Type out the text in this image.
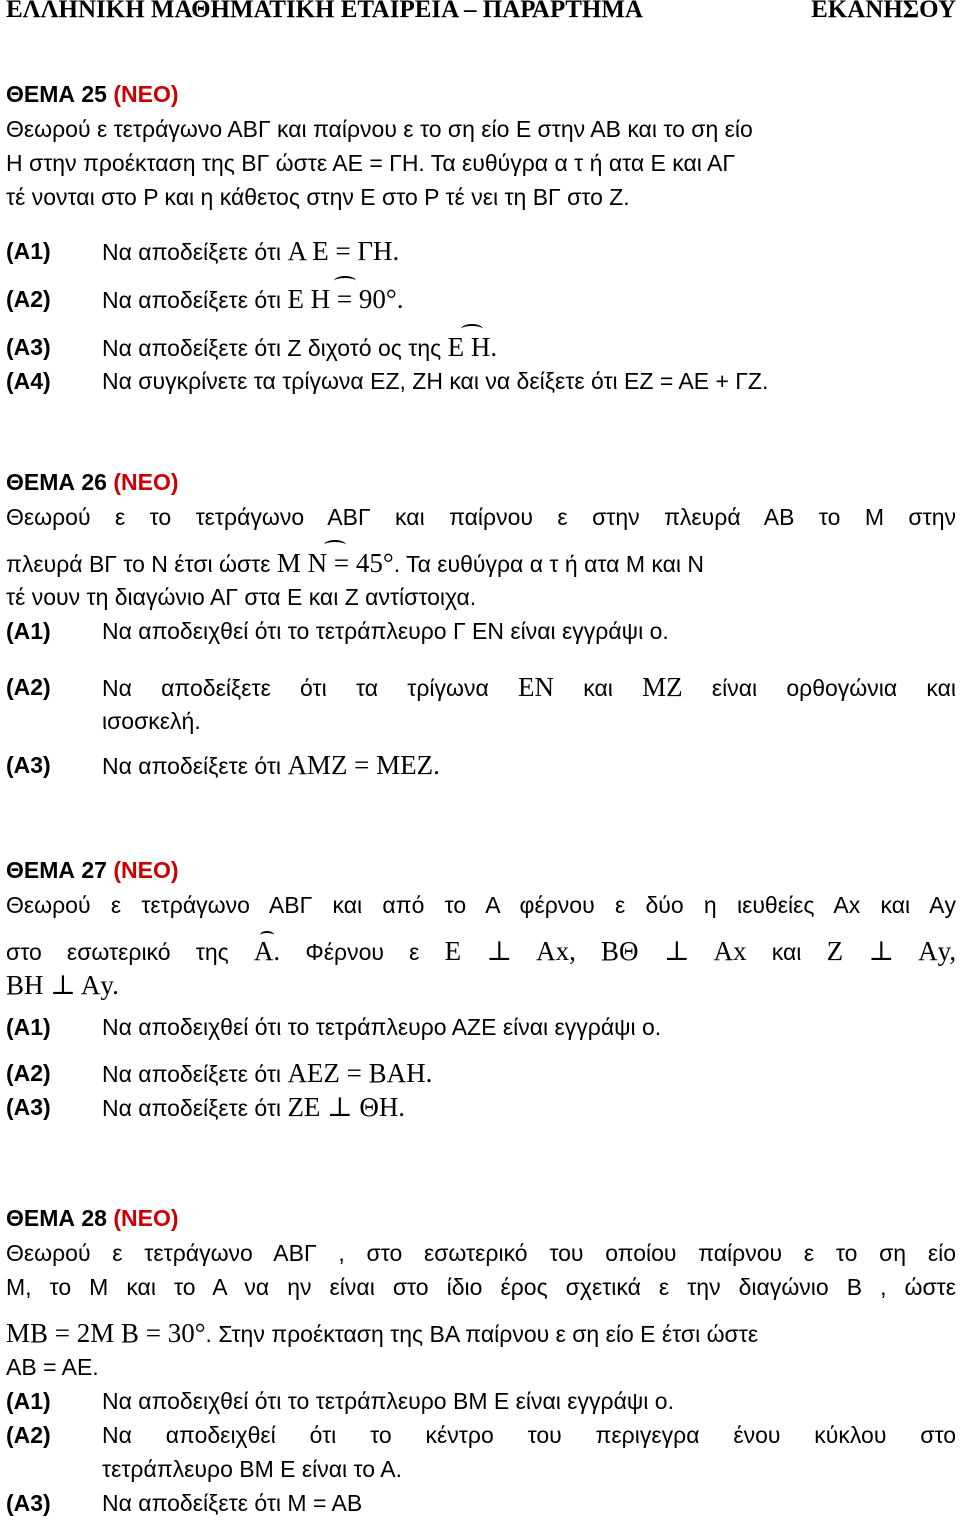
ΕΛΛΗΝΙΚΗ ΜΑΘΗΜΑΤΙΚΗ ΕΤΑΙΡΕΙΑ – ΠΑΡΑΡΤΗΜΑ	ΕΚΑΝΗΣΟΥ
ΘΕΜΑ 25 (ΝΕΟ)
Θεωρού ε τετράγωνο ΑΒΓ και παίρνου ε το ση είο Ε στην ΑΒ και το ση είο
Η στην προέκταση της ΒΓ ώστε ΑΕ = ΓΗ. Τα ευθύγρα α τ ή ατα Ε και ΑΓ
τέ νονται στο Ρ και η κάθετος στην Ε στο Ρ τέ νει τη ΒΓ στο Ζ.
(Α1) Να αποδείξετε ότι Α Ε = ΓΗ.
(Α2) Να αποδείξετε ότι Ε Η = 90°.
(Α3) Να αποδείξετε ότι Ζ διχοτό ος της Ε Η.
(Α4) Να συγκρίνετε τα τρίγωνα ΕΖ, ΖΗ και να δείξετε ότι ΕΖ = ΑΕ + ΓΖ.
ΘΕΜΑ 26 (ΝΕΟ)
Θεωρού ε το τετράγωνο ΑΒΓ και παίρνου ε στην πλευρά ΑΒ το Μ στην
πλευρά ΒΓ το Ν έτσι ώστε Μ Ν = 45°. Τα ευθύγρα α τ ή ατα Μ και Ν
τέ νουν τη διαγώνιο ΑΓ στα Ε και Ζ αντίστοιχα.
(Α1) Να αποδειχθεί ότι το τετράπλευρο Γ ΕΝ είναι εγγράψι ο.
(Α2) Να αποδείξετε ότι τα τρίγωνα ΕΝ και ΜΖ είναι ορθογώνια και
ισοσκελή.
(Α3) Να αποδείξετε ότι ΑΜΖ = ΜΕΖ.
ΘΕΜΑ 27 (ΝΕΟ)
Θεωρού ε τετράγωνο ΑΒΓ και από το Α φέρνου ε δύο η ιευθείες Αx και Αy
στο εσωτερικό της Α. Φέρνου ε Ε ⊥ Αx, ΒΘ ⊥ Αx και Ζ ⊥ Αy,
ΒΗ ⊥ Αy.
(Α1) Να αποδειχθεί ότι το τετράπλευρο ΑΖΕ είναι εγγράψι ο.
(Α2) Να αποδείξετε ότι ΑΕΖ = ΒΑΗ.
(Α3) Να αποδείξετε ότι ΖΕ ⊥ ΘΗ.
ΘΕΜΑ 28 (ΝΕΟ)
Θεωρού ε τετράγωνο ΑΒΓ , στο εσωτερικό του οποίου παίρνου ε το ση είο
Μ, το Μ και το Α να ην είναι στο ίδιο έρος σχετικά ε την διαγώνιο Β , ώστε
ΜΒ = 2Μ Β = 30°. Στην προέκταση της ΒΑ παίρνου ε ση είο Ε έτσι ώστε
ΑΒ = ΑΕ.
(Α1) Να αποδειχθεί ότι το τετράπλευρο ΒΜ Ε είναι εγγράψι ο.
(Α2) Να αποδειχθεί ότι το κέντρο του περιγεγρα ένου κύκλου στο
τετράπλευρο ΒΜ Ε είναι το Α.
(Α3) Να αποδείξετε ότι Μ = ΑΒ
